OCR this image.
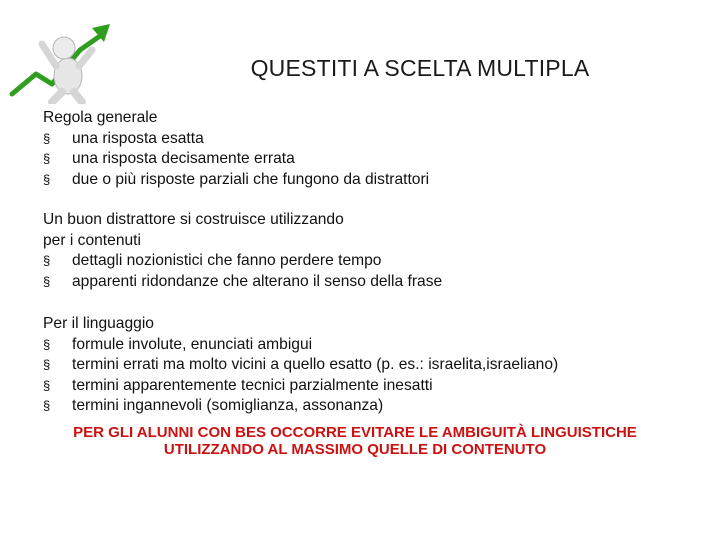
QUESTITI A SCELTA MULTIPLA
Regola generale
§ una risposta esatta
§ una risposta decisamente errata
§ due o più risposte parziali che fungono da distrattori
Un buon distrattore si costruisce utilizzando
per i contenuti
§ dettagli nozionistici che fanno perdere tempo
§ apparenti ridondanze che alterano il senso della frase
Per il linguaggio
§ formule involute, enunciati ambigui
§ termini errati ma molto vicini a quello esatto (p. es.: israelita,israeliano)
§ termini apparentemente tecnici parzialmente inesatti
§ termini ingannevoli (somiglianza, assonanza)
PER GLI ALUNNI CON BES OCCORRE EVITARE LE AMBIGUITÀ LINGUISTICHE
UTILIZZANDO AL MASSIMO QUELLE DI CONTENUTO
